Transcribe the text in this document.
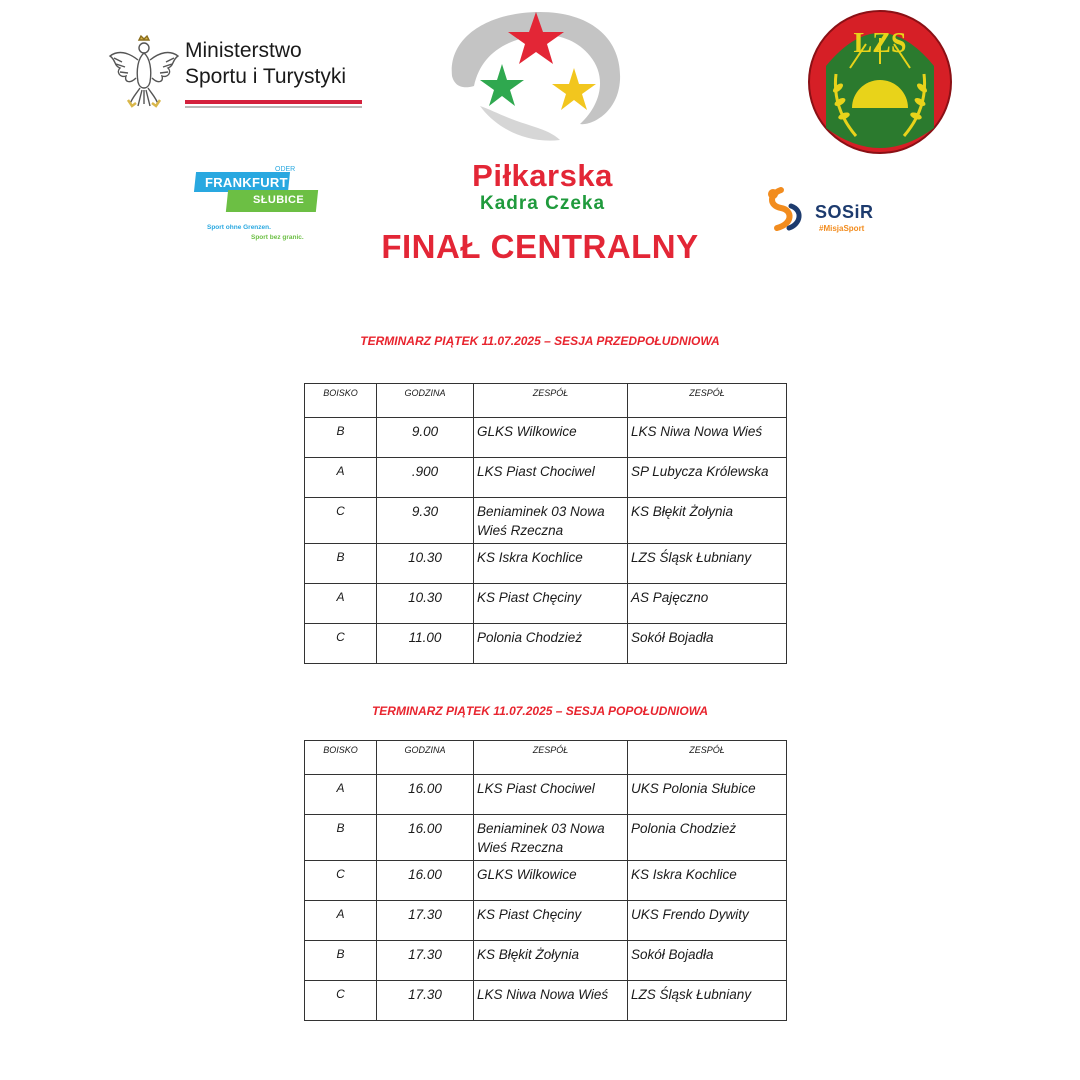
Ministerstwo
Sportu i Turystyki
LZS
ODER
FRANKFURT
SŁUBICE
Sport ohne Grenzen.
Sport bez granic.
SOSiR
#MisjaSport
Piłkarska
Kadra Czeka
FINAŁ CENTRALNY
TERMINARZ PIĄTEK 11.07.2025 – SESJA PRZEDPOŁUDNIOWA
BOISKO	GODZINA	ZESPÓŁ	ZESPÓŁ
B	9.00	GLKS Wilkowice	LKS Niwa Nowa Wieś
A	.900	LKS Piast Chociwel	SP Lubycza Królewska
C	9.30	Beniaminek 03 Nowa Wieś Rzeczna	KS Błękit Żołynia
B	10.30	KS Iskra Kochlice	LZS Śląsk Łubniany
A	10.30	KS Piast Chęciny	AS Pajęczno
C	11.00	Polonia Chodzież	Sokół Bojadła
TERMINARZ PIĄTEK 11.07.2025 – SESJA POPOŁUDNIOWA
BOISKO	GODZINA	ZESPÓŁ	ZESPÓŁ
A	16.00	LKS Piast Chociwel	UKS Polonia Słubice
B	16.00	Beniaminek 03 Nowa Wieś Rzeczna	Polonia Chodzież
C	16.00	GLKS Wilkowice	KS Iskra Kochlice
A	17.30	KS Piast Chęciny	UKS Frendo Dywity
B	17.30	KS Błękit Żołynia	Sokół Bojadła
C	17.30	LKS Niwa Nowa Wieś	LZS Śląsk Łubniany
